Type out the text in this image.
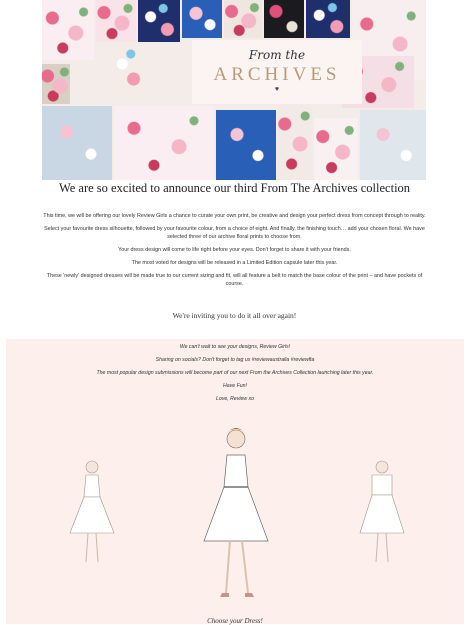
From the
ARCHIVES
♥
We are so excited to announce our third From The Archives collection

This time, we will be offering our lovely Review Girls a chance to curate your own print, be creative and design your perfect dress from concept through to reality.

Select your favourite dress silhouette, followed by your favourite colour, from a choice of eight. And finally, the finishing touch… add your chosen floral. We have selected three of our archive floral prints to choose from.

Your dress design will come to life right before your eyes. Don't forget to share it with your friends.

The most voted for designs will be released in a Limited Edition capsule later this year.

These 'newly' designed dresses will be made true to our current sizing and fit, will all feature a belt to match the base colour of the print – and have pockets of course.

We're inviting you to do it all over again!

We can't wait to see your designs, Review Girls!

Sharing on socials? Don't forget to tag us #reviewaustralia #reviewfta

The most popular design submissions will become part of our next From the Archives Collection launching later this year.

Have Fun!

Love, Review xo

Choose your Dress!
